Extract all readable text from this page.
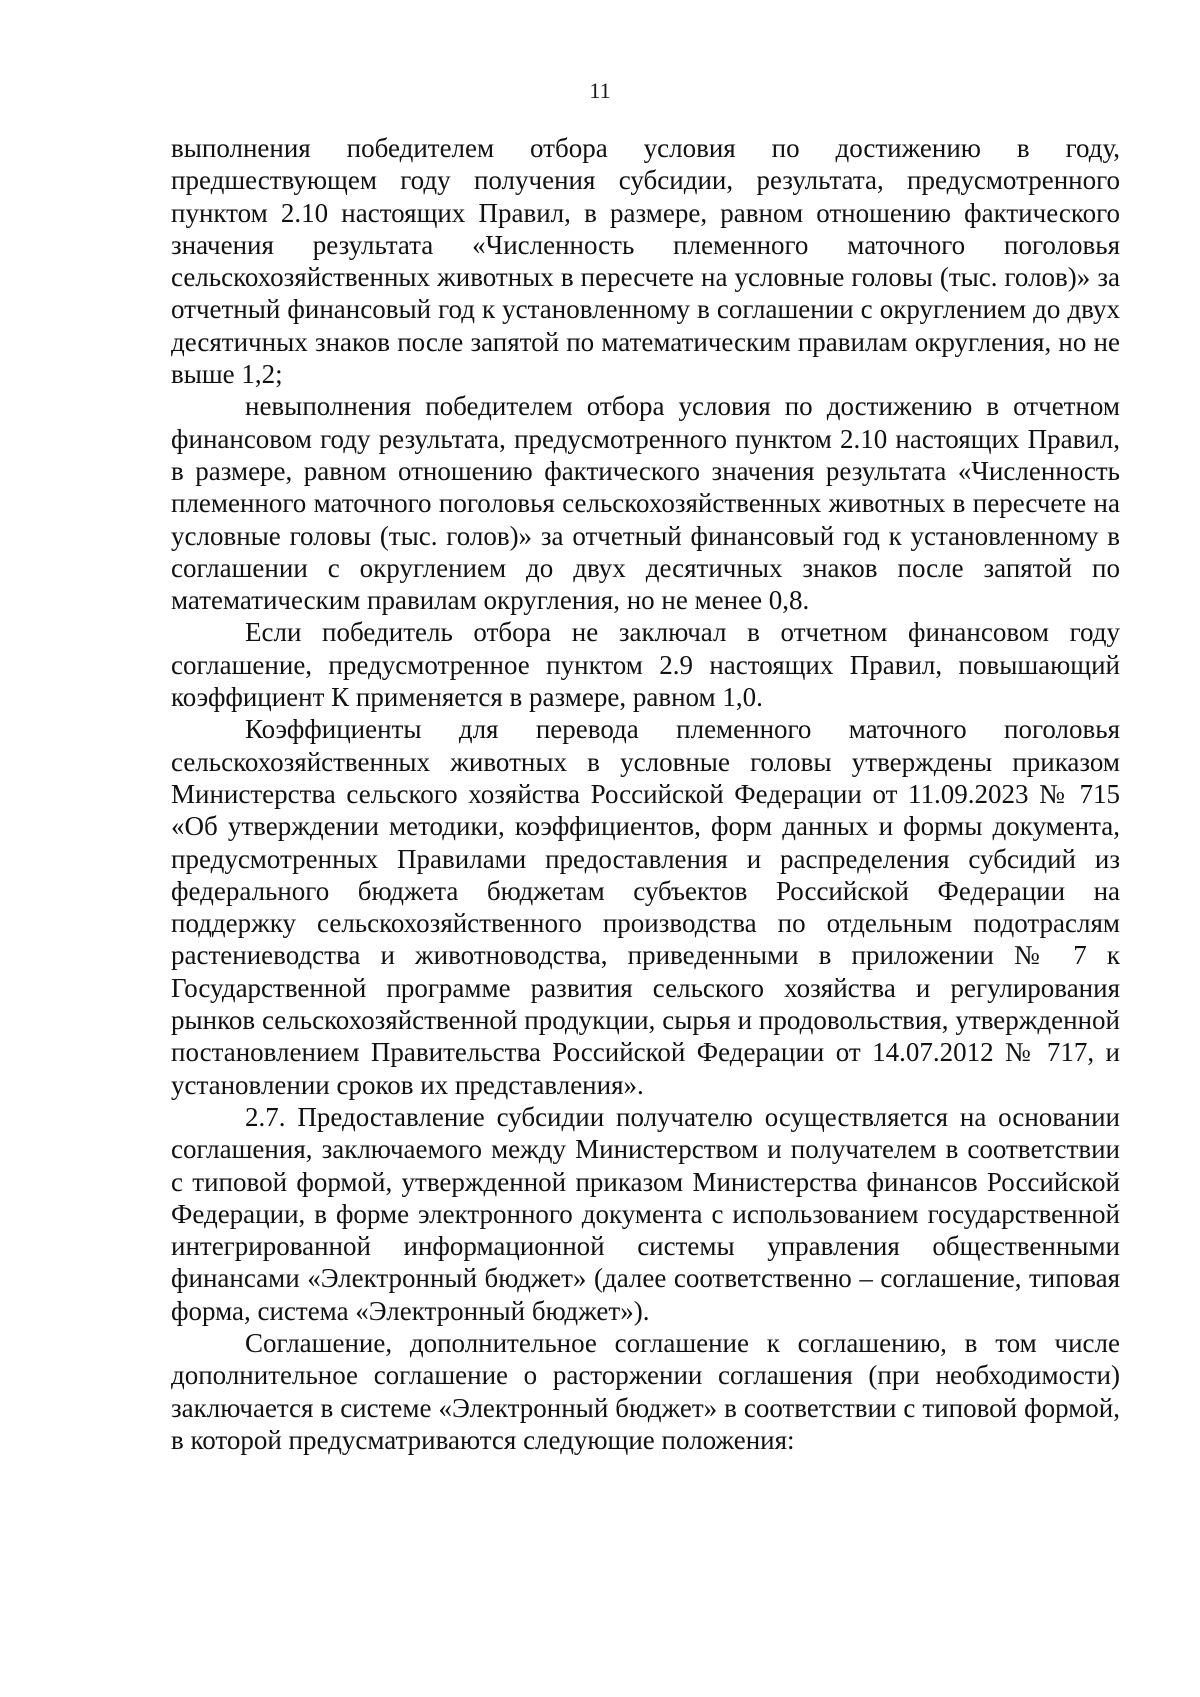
11

выполнения победителем отбора условия по достижению в году, предшествующем году получения субсидии, результата, предусмотренного пунктом 2.10 настоящих Правил, в размере, равном отношению фактического значения результата «Численность племенного маточного поголовья сельскохозяйственных животных в пересчете на условные головы (тыс. голов)» за отчетный финансовый год к установленному в соглашении с округлением до двух десятичных знаков после запятой по математическим правилам округления, но не выше 1,2;

невыполнения победителем отбора условия по достижению в отчетном финансовом году результата, предусмотренного пунктом 2.10 настоящих Правил, в размере, равном отношению фактического значения результата «Численность племенного маточного поголовья сельскохозяйственных животных в пересчете на условные головы (тыс. голов)» за отчетный финансовый год к установленному в соглашении с округлением до двух десятичных знаков после запятой по математическим правилам округления, но не менее 0,8.

Если победитель отбора не заключал в отчетном финансовом году соглашение, предусмотренное пунктом 2.9 настоящих Правил, повышающий коэффициент К применяется в размере, равном 1,0.

Коэффициенты для перевода племенного маточного поголовья сельскохозяйственных животных в условные головы утверждены приказом Министерства сельского хозяйства Российской Федерации от 11.09.2023 № 715 «Об утверждении методики, коэффициентов, форм данных и формы документа, предусмотренных Правилами предоставления и распределения субсидий из федерального бюджета бюджетам субъектов Российской Федерации на поддержку сельскохозяйственного производства по отдельным подотраслям растениеводства и животноводства, приведенными в приложении № 7 к Государственной программе развития сельского хозяйства и регулирования рынков сельскохозяйственной продукции, сырья и продовольствия, утвержденной постановлением Правительства Российской Федерации от 14.07.2012 № 717, и установлении сроков их представления».

2.7. Предоставление субсидии получателю осуществляется на основании соглашения, заключаемого между Министерством и получателем в соответствии с типовой формой, утвержденной приказом Министерства финансов Российской Федерации, в форме электронного документа с использованием государственной интегрированной информационной системы управления общественными финансами «Электронный бюджет» (далее соответственно – соглашение, типовая форма, система «Электронный бюджет»).

Соглашение, дополнительное соглашение к соглашению, в том числе дополнительное соглашение о расторжении соглашения (при необходимости) заключается в системе «Электронный бюджет» в соответствии с типовой формой, в которой предусматриваются следующие положения:
